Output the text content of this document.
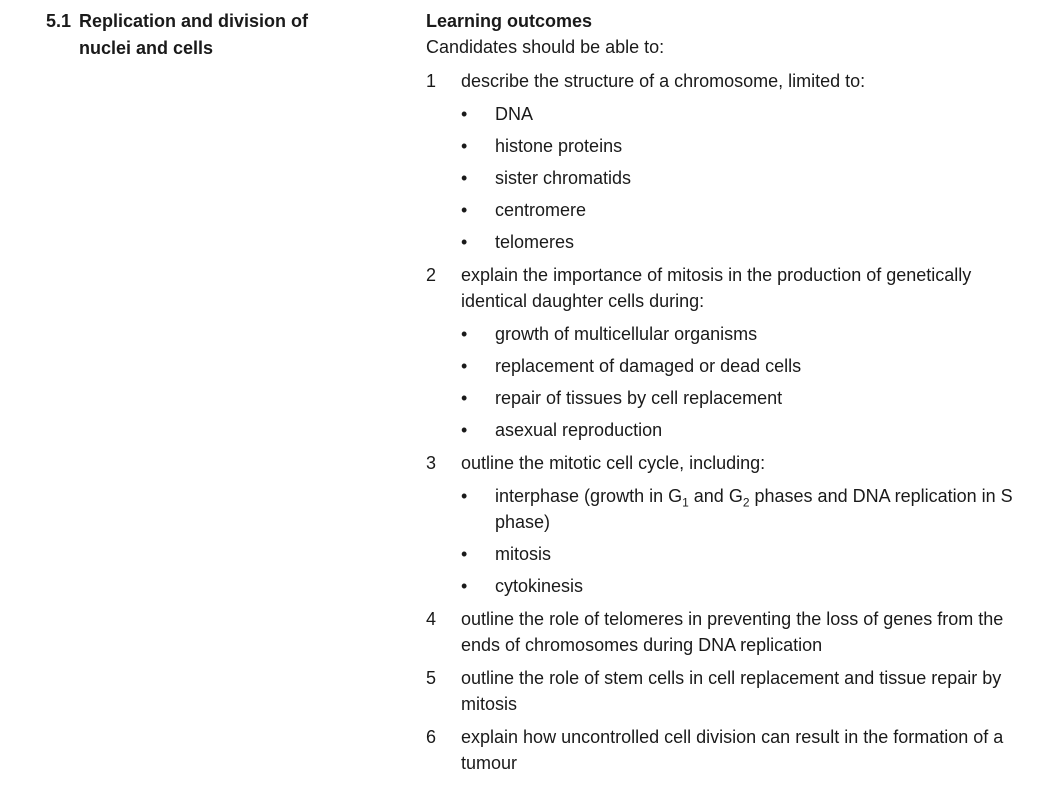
5.1 Replication and division of
nuclei and cells
Learning outcomes
Candidates should be able to:
1 describe the structure of a chromosome, limited to:
• DNA
• histone proteins
• sister chromatids
• centromere
• telomeres
2 explain the importance of mitosis in the production of genetically identical daughter cells during:
• growth of multicellular organisms
• replacement of damaged or dead cells
• repair of tissues by cell replacement
• asexual reproduction
3 outline the mitotic cell cycle, including:
• interphase (growth in $G_1$ and $G_2$ phases and DNA replication in S phase)
• mitosis
• cytokinesis
4 outline the role of telomeres in preventing the loss of genes from the ends of chromosomes during DNA replication
5 outline the role of stem cells in cell replacement and tissue repair by mitosis
6 explain how uncontrolled cell division can result in the formation of a tumour
